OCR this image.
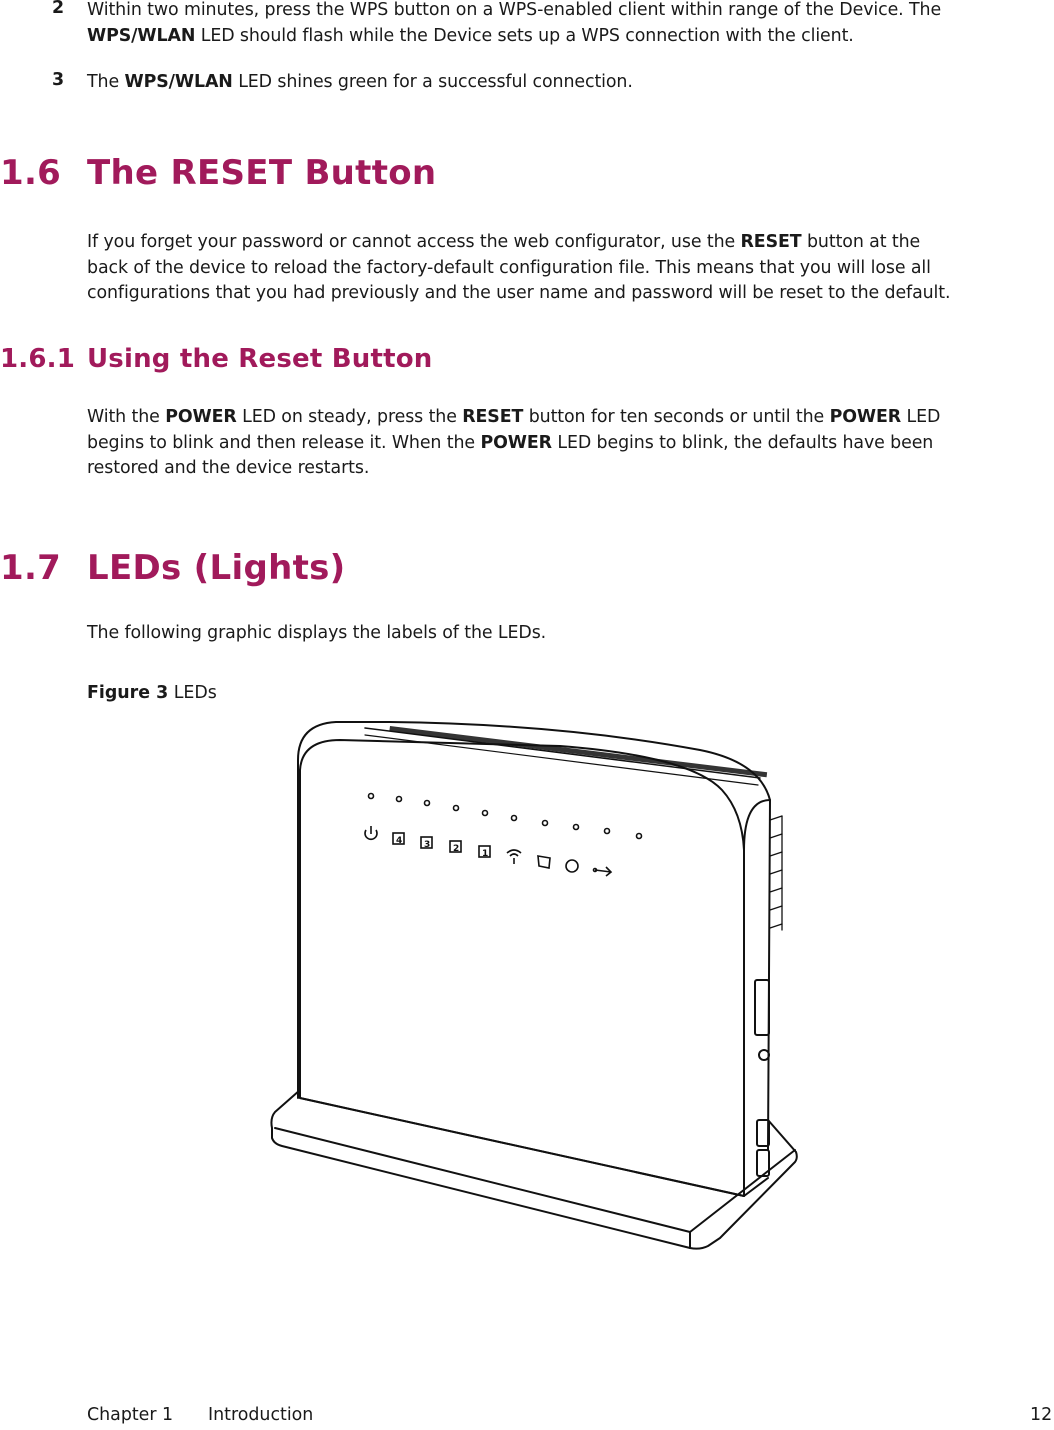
2 Within two minutes, press the WPS button on a WPS-enabled client within range of the Device. The
WPS/WLAN LED should flash while the Device sets up a WPS connection with the client.
3 The WPS/WLAN LED shines green for a successful connection.
1.6 The RESET Button
If you forget your password or cannot access the web configurator, use the RESET button at the
back of the device to reload the factory-default configuration file. This means that you will lose all
configurations that you had previously and the user name and password will be reset to the default.
1.6.1 Using the Reset Button
With the POWER LED on steady, press the RESET button for ten seconds or until the POWER LED
begins to blink and then release it. When the POWER LED begins to blink, the defaults have been
restored and the device restarts.
1.7 LEDs (Lights)
The following graphic displays the labels of the LEDs.
Figure 3 LEDs
4 3	2	1
Chapter 1 Introduction	12
